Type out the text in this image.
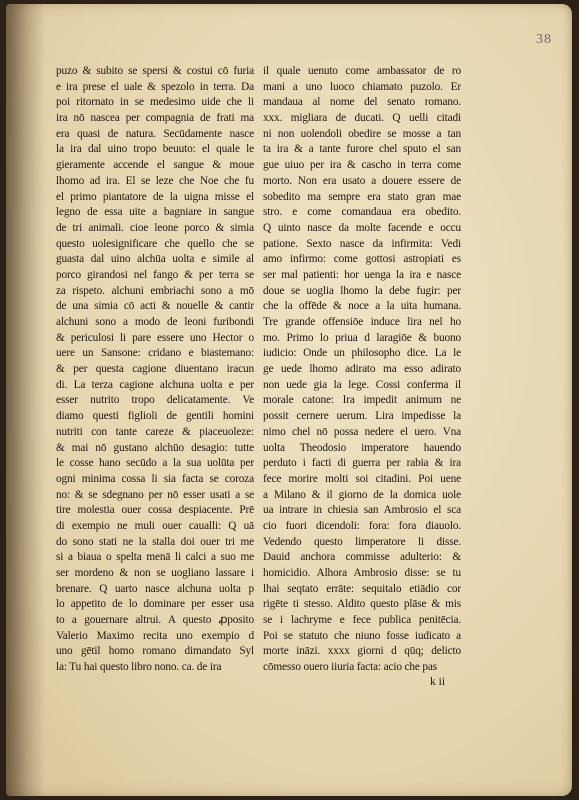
38
puzo & subito se spersi & costui cō furia
e ira prese el uale & spezolo in terra. Da
poi ritornato in se medesimo uide che li
ira nō nasceа per compagnia de frati ma
era quasi de natura. Secūdamente nasce
la ira dal uino tropo beuuto: el quale le
gieramente accende el sangue & moue
lhomo ad ira. El se leze che Noe che fu
el primo piantatore de la uigna misse el
legno de essa uite a bagniare in sangue
de tri animali. cioe leone porco & simia
questo uolesignificare che quello che se
guasta dal uino alchūa uolta e simile al
porco girandosi nel fango & per terra se
za rispeto. alchuni embriachi sono a mō
de una simia cō acti & nouelle & cantir
alchuni sono a modo de leoni furibondi
& periculosi li pare essere uno Hector o
uere un Sansone: cridano e biastemano:
& per questa cagione diuentano iracun
di. La terza cagione alchuna uolta e per
esser nutrito tropo delicatamente. Ve
diamo questi figlioli de gentili homini
nutriti con tante careze & piaceuoleze:
& mai nō gustano alchūo desagio: tutte
le cosse hano secūdo a la sua uolūta per
ogni minima cossa li sia facta se coroza
no: & se sdegnano per nō esser usati a se
tire molestia ouer cossa despiacente. Prē
di exempio ne muli ouer caualli: Q uā
do sono stati ne la stalla doi ouer tri me
si a biaua o spelta menā li calci a suo me
ser mordeno & non se uogliano lassare i
brenare. Q uarto nasce alchuna uolta p
lo appetito de lo dominare per esser usa
to a gouernare altrui. A questo ꝓposito
Valerio Maximo recita uno exempio d
uno gētil homo romano dimandato Syl
la: Tu hai questo libro nono. ca. de ira
il quale uenuto come ambassator de ro
mani a uno luoco chiamato puzolo. Er
mandaua al nome del senato romano.
xxx. migliara de ducati. Q uelli citadi
ni non uolendoli obedire se mosse a tan
ta ira & a tante furore chel sputo el san
gue uiuo per ira & cascho in terra come
morto. Non era usato a douere essere de
sobedito ma sempre era stato gran mae
stro. e come comandaua era obedito.
Q uinto nasce da molte facende e occu
patione. Sexto nasce da infirmita: Vedi
amo infirmo: come gottosi astropiati es
ser mal patienti: hor uenga la ira e nasce
doue se uoglia lhomo la debe fugir: per
che la offēde & noce a la uita humana.
Tre grande offensiōe induce lira nel ho
mo. Primo lo priua d laragiōe & buono
iudicio: Onde un philosopho dice. La le
ge uede lhomo adirato ma esso adirato
non uede gia la lege. Cossi conferma il
morale catone: Ira impedit animum ne
possit cernere uerum. Lira impedisse la
nimo chel nō possa nedere el uero. Vna
uolta Theodosio imperatore hauendo
perduto i facti di guerra per rabia & ira
fece morire molti soi citadini. Poi uene
a Milano & il giorno de la domica uole
ua intrare in chiesia san Ambrosio el sca
cio fuori dicendoli: fora: fora diauolo.
Vedendo questo limperatore li disse.
Dauid anchora commisse adulterio: &
homicidio. Alhora Ambrosio disse: se tu
lhai seqtato errāte: sequitalo etiādio cor
rigēte ti stesso. Aldito questo plāse & mis
se i lachryme e fece publica penitēcia.
Poi se statuto che niuno fosse iudicato a
morte ināzi. xxxx giorni d qūq; delicto
cōmesso ouero iiuria facta: acio che pas
k ii
